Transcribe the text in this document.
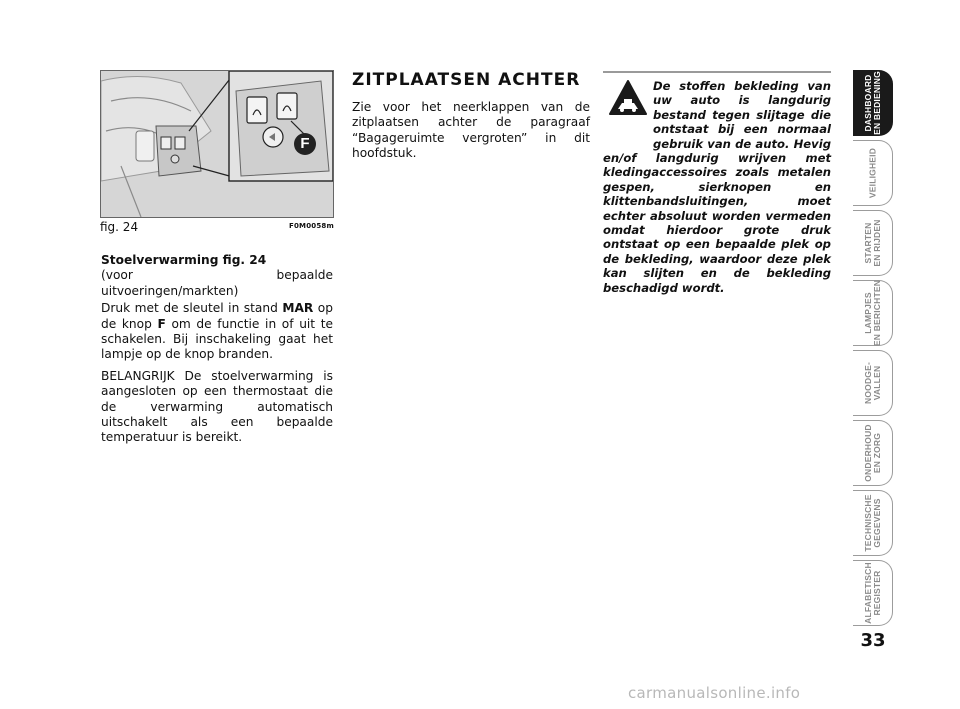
F
fig. 24	F0M0058m

Stoelverwarming fig. 24
(voor bepaalde uitvoeringen/markten)

Druk met de sleutel in stand MAR op de knop F om de functie in of uit te schakelen. Bij inschakeling gaat het lampje op de knop branden.

BELANGRIJK De stoelverwarming is aangesloten op een thermostaat die de verwarming automatisch uitschakelt als een bepaalde temperatuur is bereikt.

ZITPLAATSEN ACHTER

Zie voor het neerklappen van de zitplaatsen achter de paragraaf “Bagageruimte vergroten” in dit hoofdstuk.

De stoffen bekleding van uw auto is langdurig bestand tegen slijtage die ontstaat bij een normaal gebruik van de auto. Hevig en/of langdurig wrijven met kledingaccessoires zoals metalen gespen, sierknopen en klittenbandsluitingen, moet echter absoluut worden vermeden omdat hierdoor grote druk ontstaat op een bepaalde plek op de bekleding, waardoor deze plek kan slijten en de bekleding beschadigd wordt.

DASHBOARD EN BEDIENING
VEILIGHEID
STARTEN EN RIJDEN
LAMPJES EN BERICHTEN
NOODGE- VALLEN
ONDERHOUD EN ZORG
TECHNISCHE GEGEVENS
ALFABETISCH REGISTER
33
carmanualsonline.info
